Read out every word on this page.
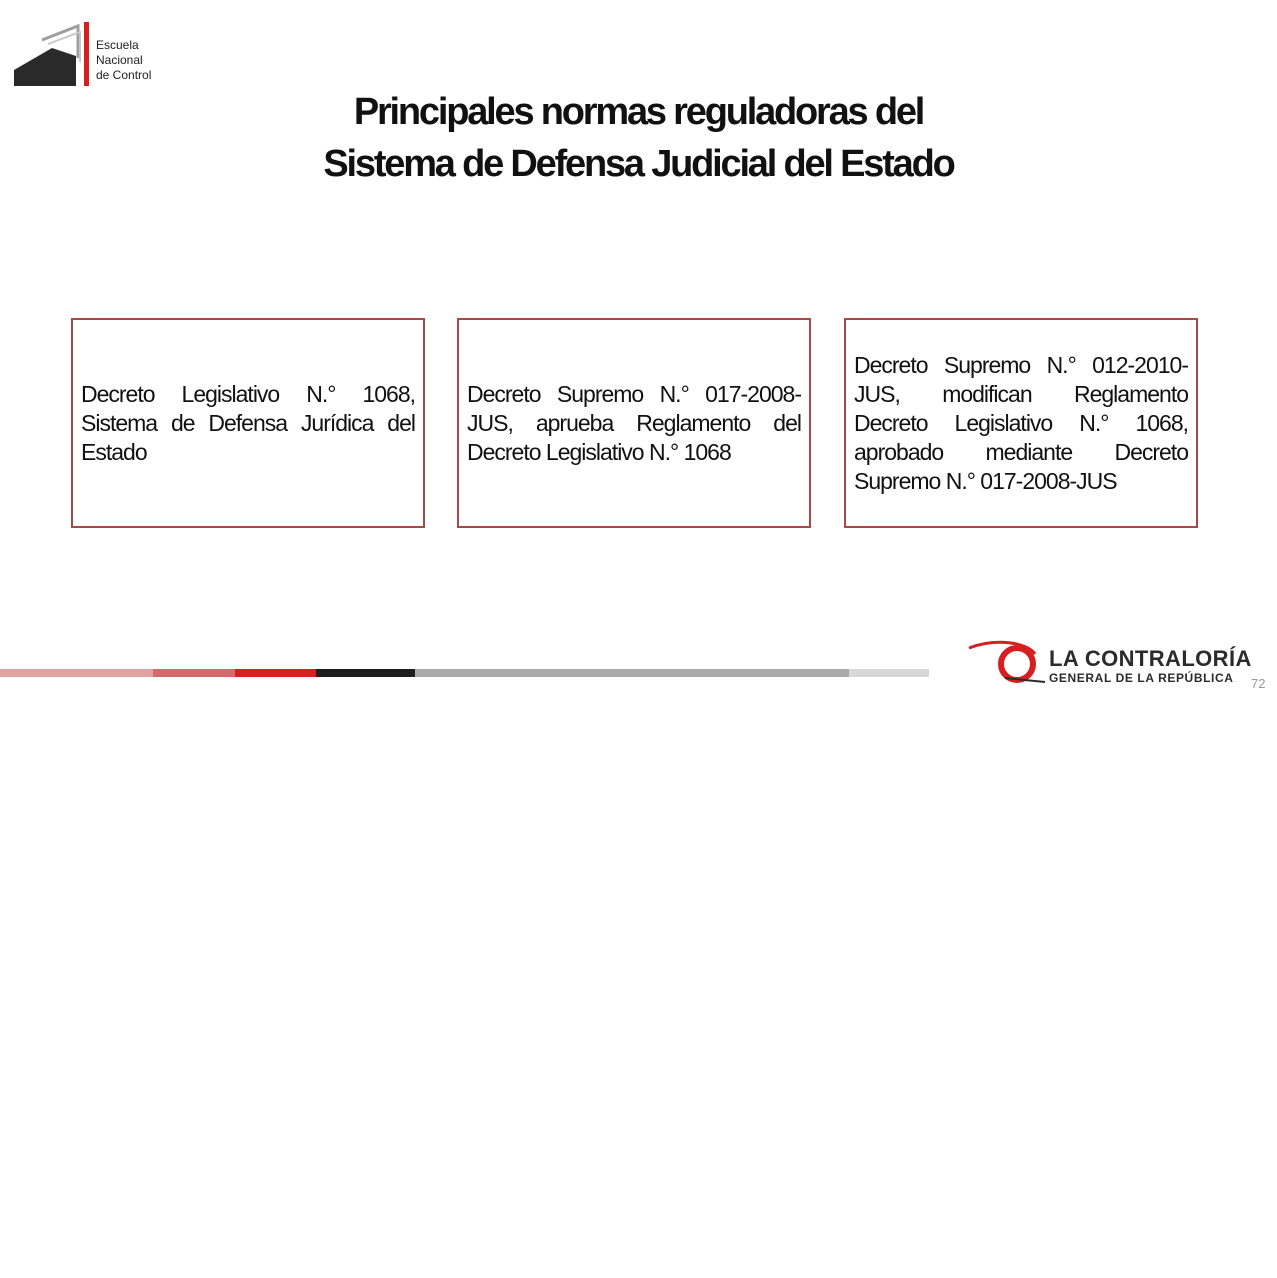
Escuela
Nacional
de Control
Principales normas reguladoras del
Sistema de Defensa Judicial del Estado

Decreto Legislativo N.° 1068, Sistema de Defensa Jurídica del Estado

Decreto Supremo N.° 017-2008-JUS, aprueba Reglamento del Decreto Legislativo N.° 1068

Decreto Supremo N.° 012-2010-JUS, modifican Reglamento Decreto Legislativo N.° 1068, aprobado mediante Decreto Supremo N.° 017-2008-JUS

LA CONTRALORÍA
GENERAL DE LA REPÚBLICA 72
